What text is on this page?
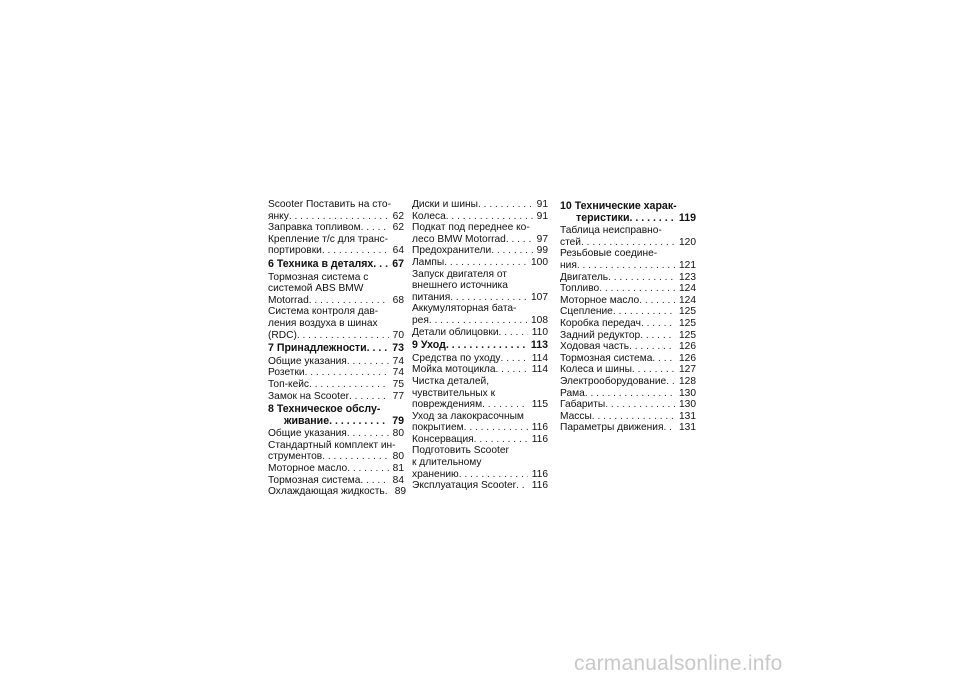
Scooter Поставить на сто-
янку . . .	62
Заправка топливом . . .	62
Крепление т/с для транс-
портировки . . .	64
6 Техника в деталях . . .	67
Тормозная система с
системой ABS BMW
Motorrad . . .	68
Система контроля дав-
ления воздуха в шинах
(RDC) . . .	70
7 Принадлежности . . .	73
Общие указания . . .	74
Розетки . . .	74
Топ-кейс . . .	75
Замок на Scooter . . .	77
8 Техническое обслу-
живание . . .	79
Общие указания . . .	80
Стандартный комплект ин-
струментов . . .	80
Моторное масло . . .	81
Тормозная система . . .	84
Охлаждающая жидкость . . . 89
Диски и шины . . .	91
Колеса . . .	91
Подкат под переднее ко-
лесо BMW Motorrad . . .	97
Предохранители . . .	99
Лампы . . .	100
Запуск двигателя от
внешнего источника
питания . . .	107
Аккумуляторная бата-
рея . . .	108
Детали облицовки . . .	110
9 Уход . . .	113
Средства по уходу . . .	114
Мойка мотоцикла . . .	114
Чистка деталей,
чувствительных к
повреждениям . . .	115
Уход за лакокрасочным
покрытием . . .	116
Консервация . . .	116
Подготовить Scooter
к длительному
хранению . . .	116
Эксплуатация Scooter . . .	116
10 Технические харак-
теристики . . .	119
Таблица неисправно-
стей . . .	120
Резьбовые соедине-
ния . . .	121
Двигатель . . .	123
Топливо . . .	124
Моторное масло . . .	124
Сцепление . . .	125
Коробка передач . . .	125
Задний редуктор . . .	125
Ходовая часть . . .	126
Тормозная система . . .	126
Колеса и шины . . .	127
Электрооборудование . . .	128
Рама . . .	130
Габариты . . .	130
Массы . . .	131
Параметры движения . . .	131
carmanualsonline.info
